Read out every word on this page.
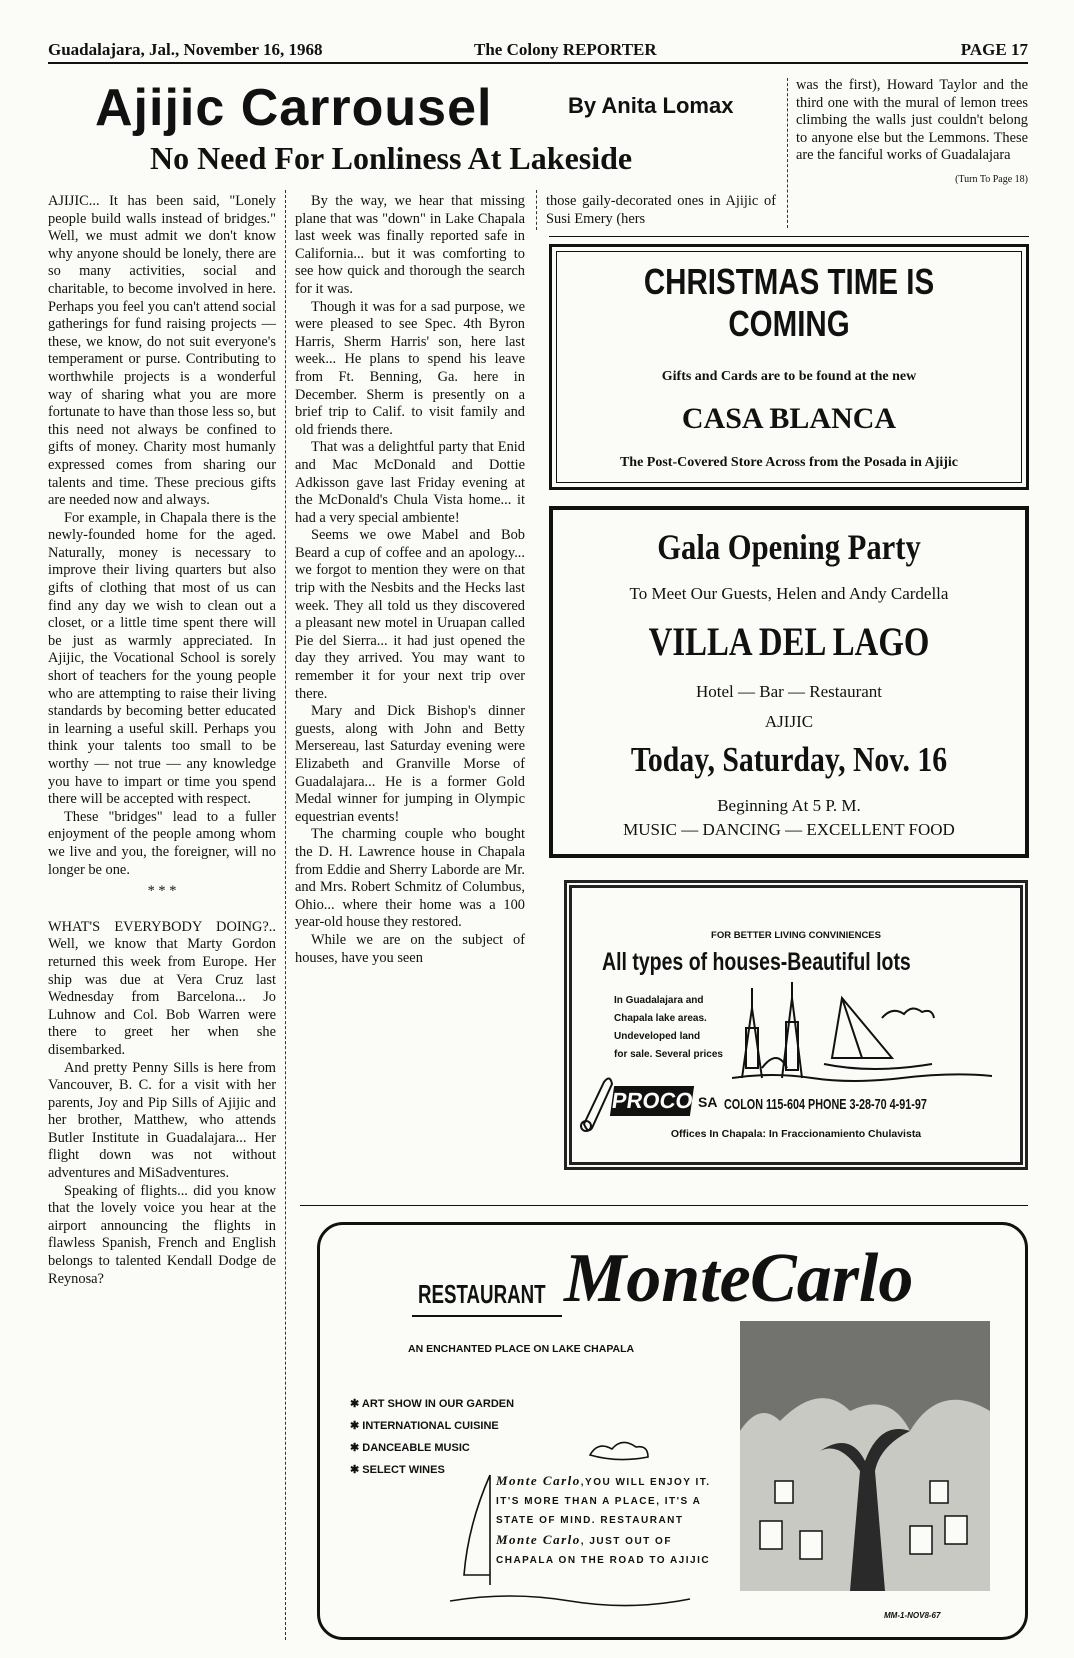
Guadalajara, Jal., November 16, 1968	The Colony REPORTER	PAGE 17
Ajijic Carrousel	By Anita Lomax
No Need For Lonliness At Lakeside

AJIJIC... It has been said, "Lonely people build walls instead of bridges." Well, we must admit we don't know why anyone should be lonely, there are so many activities, social and charitable, to become involved in here. Perhaps you feel you can't attend social gatherings for fund raising projects — these, we know, do not suit everyone's temperament or purse. Contributing to worthwhile projects is a wonderful way of sharing what you are more fortunate to have than those less so, but this need not always be confined to gifts of money. Charity most humanly expressed comes from sharing our talents and time. These precious gifts are needed now and always.

For example, in Chapala there is the newly-founded home for the aged. Naturally, money is necessary to improve their living quarters but also gifts of clothing that most of us can find any day we wish to clean out a closet, or a little time spent there will be just as warmly appreciated. In Ajijic, the Vocational School is sorely short of teachers for the young people who are attempting to raise their living standards by becoming better educated in learning a useful skill. Perhaps you think your talents too small to be worthy — not true — any knowledge you have to impart or time you spend there will be accepted with respect.

These "bridges" lead to a fuller enjoyment of the people among whom we live and you, the foreigner, will no longer be one.

* * *

WHAT'S EVERYBODY DOING?.. Well, we know that Marty Gordon returned this week from Europe. Her ship was due at Vera Cruz last Wednesday from Barcelona... Jo Luhnow and Col. Bob Warren were there to greet her when she disembarked.

And pretty Penny Sills is here from Vancouver, B. C. for a visit with her parents, Joy and Pip Sills of Ajijic and her brother, Matthew, who attends Butler Institute in Guadalajara... Her flight down was not without adventures and MiSadventures.

Speaking of flights... did you know that the lovely voice you hear at the airport announcing the flights in flawless Spanish, French and English belongs to talented Kendall Dodge de Reynosa?

By the way, we hear that missing plane that was "down" in Lake Chapala last week was finally reported safe in California... but it was comforting to see how quick and thorough the search for it was.

Though it was for a sad purpose, we were pleased to see Spec. 4th Byron Harris, Sherm Harris' son, here last week... He plans to spend his leave from Ft. Benning, Ga. here in December. Sherm is presently on a brief trip to Calif. to visit family and old friends there.

That was a delightful party that Enid and Mac McDonald and Dottie Adkisson gave last Friday evening at the McDonald's Chula Vista home... it had a very special ambiente!

Seems we owe Mabel and Bob Beard a cup of coffee and an apology... we forgot to mention they were on that trip with the Nesbits and the Hecks last week. They all told us they discovered a pleasant new motel in Uruapan called Pie del Sierra... it had just opened the day they arrived. You may want to remember it for your next trip over there.

Mary and Dick Bishop's dinner guests, along with John and Betty Mersereau, last Saturday evening were Elizabeth and Granville Morse of Guadalajara... He is a former Gold Medal winner for jumping in Olympic equestrian events!

The charming couple who bought the D. H. Lawrence house in Chapala from Eddie and Sherry Laborde are Mr. and Mrs. Robert Schmitz of Columbus, Ohio... where their home was a 100 year-old house they restored.

While we are on the subject of houses, have you seen

those gaily-decorated ones in Ajijic of Susi Emery (hers

was the first), Howard Taylor and the third one with the mural of lemon trees climbing the walls just couldn't belong to anyone else but the Lemmons. These are the fanciful works of Guadalajara

(Turn To Page 18)

CHRISTMAS TIME IS
COMING
Gifts and Cards are to be found at the new
CASA BLANCA
The Post-Covered Store Across from the Posada in Ajijic
Gala Opening Party
To Meet Our Guests, Helen and Andy Cardella
VILLA DEL LAGO
Hotel — Bar — Restaurant
AJIJIC
Today, Saturday, Nov. 16
Beginning At 5 P. M.
MUSIC — DANCING — EXCELLENT FOOD
FOR BETTER LIVING CONVINIENCES
All types of houses-Beautiful lots
In Guadalajara and
Chapala lake areas.
Undeveloped land
for sale. Several prices
PROCO SA COLON 115-604 PHONE 3-28-70 4-91-97
Offices In Chapala: In Fraccionamiento Chulavista
RESTAURANT Monte Carlo
AN ENCHANTED PLACE ON LAKE CHAPALA
✱ ART SHOW IN OUR GARDEN
✱ INTERNATIONAL CUISINE
✱ DANCEABLE MUSIC
✱ SELECT WINES
Monte Carlo,YOU WILL ENJOY IT.
IT'S MORE THAN A PLACE, IT'S A
STATE OF MIND. RESTAURANT
Monte Carlo, JUST OUT OF
CHAPALA ON THE ROAD TO AJIJIC
MM-1-NOV8-67
